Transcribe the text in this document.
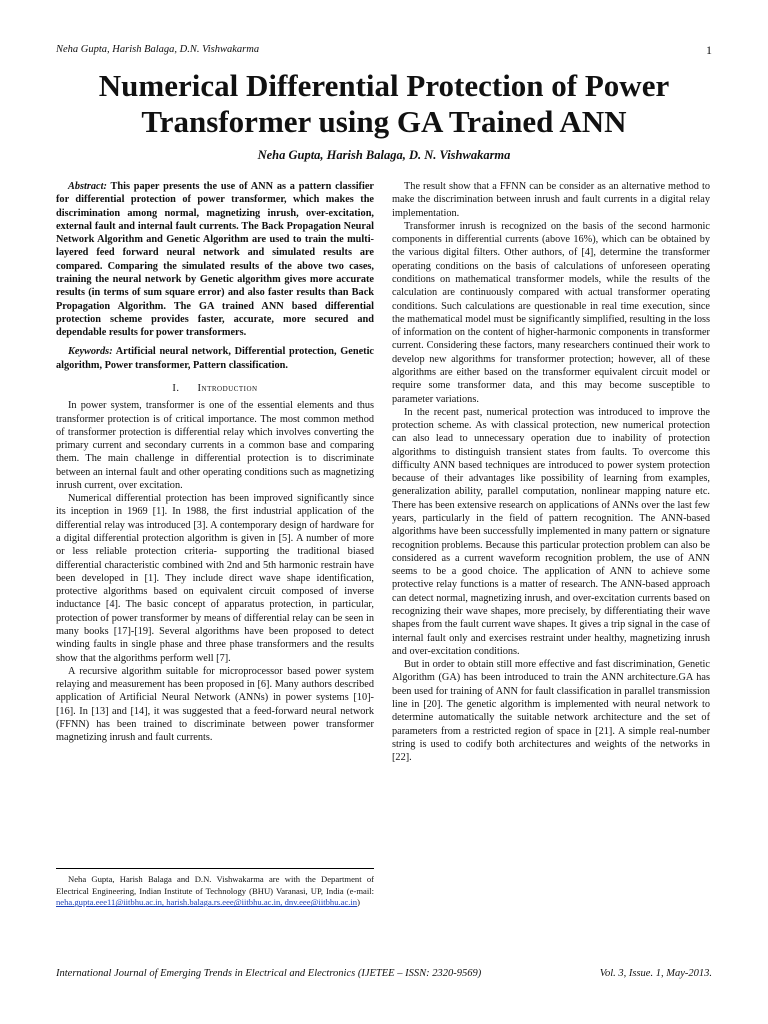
Neha Gupta, Harish Balaga, D.N. Vishwakarma	1
Numerical Differential Protection of Power Transformer using GA Trained ANN
Neha Gupta, Harish Balaga, D. N. Vishwakarma

Abstract: This paper presents the use of ANN as a pattern classifier for differential protection of power transformer, which makes the discrimination among normal, magnetizing inrush, over-excitation, external fault and internal fault currents. The Back Propagation Neural Network Algorithm and Genetic Algorithm are used to train the multi-layered feed forward neural network and simulated results are compared. Comparing the simulated results of the above two cases, training the neural network by Genetic algorithm gives more accurate results (in terms of sum square error) and also faster results than Back Propagation Algorithm. The GA trained ANN based differential protection scheme provides faster, accurate, more secured and dependable results for power transformers.

Keywords: Artificial neural network, Differential protection, Genetic algorithm, Power transformer, Pattern classification.

I. Introduction

In power system, transformer is one of the essential elements and thus transformer protection is of critical importance. The most common method of transformer protection is differential relay which involves converting the primary current and secondary currents in a common base and comparing them. The main challenge in differential protection is to discriminate between an internal fault and other operating conditions such as magnetizing inrush current, over excitation.

Numerical differential protection has been improved significantly since its inception in 1969 [1]. In 1988, the first industrial application of the differential relay was introduced [3]. A contemporary design of hardware for a digital differential protection algorithm is given in [5]. A number of more or less reliable protection criteria- supporting the traditional biased differential characteristic combined with 2nd and 5th harmonic restrain have been developed in [1]. They include direct wave shape identification, protective algorithms based on equivalent circuit composed of inverse inductance [4]. The basic concept of apparatus protection, in particular, protection of power transformer by means of differential relay can be seen in many books [17]-[19]. Several algorithms have been proposed to detect winding faults in single phase and three phase transformers and the results show that the algorithms perform well [7].

A recursive algorithm suitable for microprocessor based power system relaying and measurement has been proposed in [6]. Many authors described application of Artificial Neural Network (ANNs) in power systems [10]-[16]. In [13] and [14], it was suggested that a feed-forward neural network (FFNN) has been trained to discriminate between power transformer magnetizing inrush and fault currents.

The result show that a FFNN can be consider as an alternative method to make the discrimination between inrush and fault currents in a digital relay implementation.

Transformer inrush is recognized on the basis of the second harmonic components in differential currents (above 16%), which can be obtained by the various digital filters. Other authors, of [4], determine the transformer operating conditions on the basis of calculations of unforeseen operating conditions on mathematical transformer models, while the results of the calculation are continuously compared with actual transformer operating conditions. Such calculations are questionable in real time execution, since the mathematical model must be significantly simplified, resulting in the loss of information on the content of higher-harmonic components in transformer current. Considering these factors, many researchers continued their work to develop new algorithms for transformer protection; however, all of these algorithms are either based on the transformer equivalent circuit model or require some transformer data, and this may become susceptible to parameter variations.

In the recent past, numerical protection was introduced to improve the protection scheme. As with classical protection, new numerical protection can also lead to unnecessary operation due to inability of protection algorithms to distinguish transient states from faults. To overcome this difficulty ANN based techniques are introduced to power system protection because of their advantages like possibility of learning from examples, generalization ability, parallel computation, nonlinear mapping nature etc. There has been extensive research on applications of ANNs over the last few years, particularly in the field of pattern recognition. The ANN-based algorithms have been successfully implemented in many pattern or signature recognition problems. Because this particular protection problem can also be considered as a current waveform recognition problem, the use of ANN seems to be a good choice. The application of ANN to achieve some protective relay functions is a matter of research. The ANN-based approach can detect normal, magnetizing inrush, and over-excitation currents based on recognizing their wave shapes, more precisely, by differentiating their wave shapes from the fault current wave shapes. It gives a trip signal in the case of internal fault only and exercises restraint under healthy, magnetizing inrush and over-excitation conditions.

But in order to obtain still more effective and fast discrimination, Genetic Algorithm (GA) has been introduced to train the ANN architecture.GA has been used for training of ANN for fault classification in parallel transmission line in [20]. The genetic algorithm is implemented with neural network to determine automatically the suitable network architecture and the set of parameters from a restricted region of space in [21]. A simple real-number string is used to codify both architectures and weights of the networks in [22].

Neha Gupta, Harish Balaga and D.N. Vishwakarma are with the Department of Electrical Engineering, Indian Institute of Technology (BHU) Varanasi, UP, India (e-mail: neha.gupta.eee11@iitbhu.ac.in, harish.balaga.rs.eee@iitbhu.ac.in, dnv.eee@iitbhu.ac.in)
International Journal of Emerging Trends in Electrical and Electronics (IJETEE – ISSN: 2320-9569)	Vol. 3, Issue. 1, May-2013.
